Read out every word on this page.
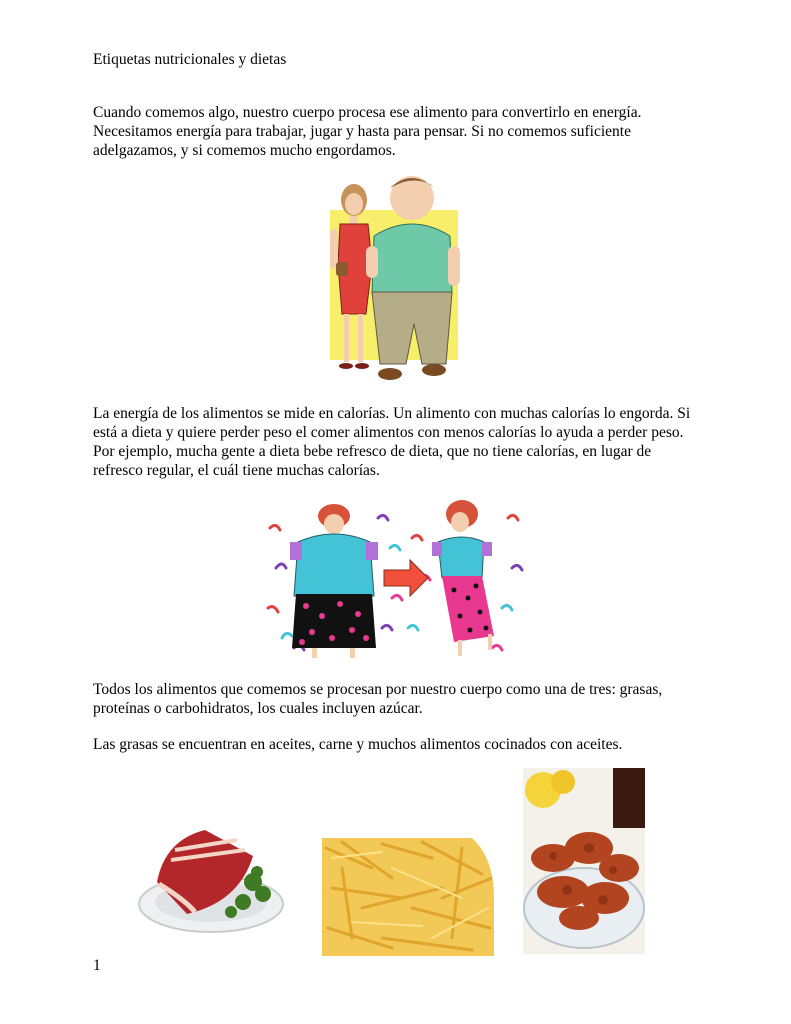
Etiquetas nutricionales y dietas
Cuando comemos algo, nuestro cuerpo procesa ese alimento para convertirlo en energía.
Necesitamos energía para trabajar, jugar y hasta para pensar. Si no comemos suficiente
adelgazamos, y si comemos mucho engordamos.
La energía de los alimentos se mide en calorías. Un alimento con muchas calorías lo engorda. Si
está a dieta y quiere perder peso el comer alimentos con menos calorías lo ayuda a perder peso.
Por ejemplo, mucha gente a dieta bebe refresco de dieta, que no tiene calorías, en lugar de
refresco regular, el cuál tiene muchas calorías.
Todos los alimentos que comemos se procesan por nuestro cuerpo como una de tres: grasas,
proteínas o carbohidratos, los cuales incluyen azúcar.
Las grasas se encuentran en aceites, carne y muchos alimentos cocinados con aceites.
1
